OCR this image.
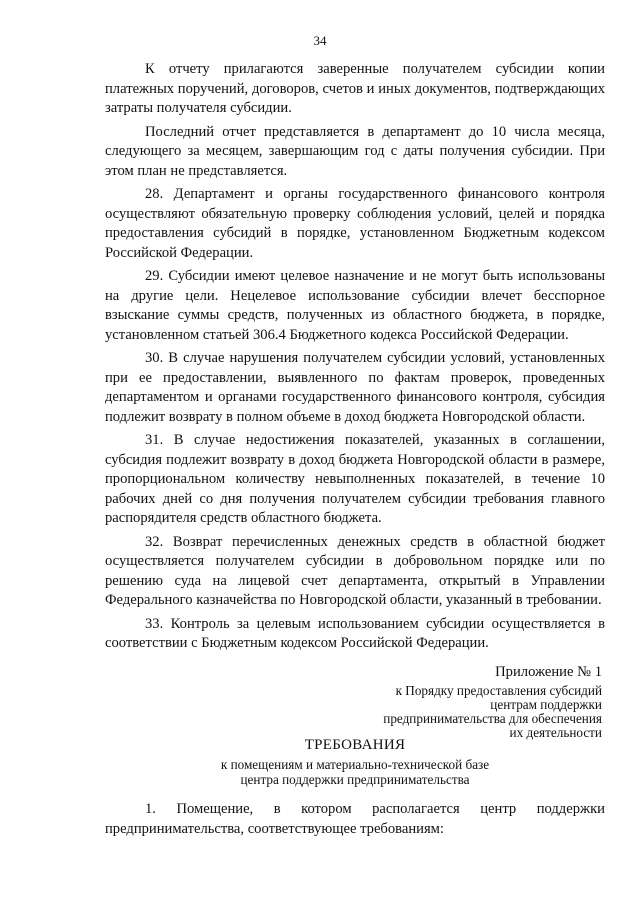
34

К отчету прилагаются заверенные получателем субсидии копии платежных поручений, договоров, счетов и иных документов, подтверждающих затраты получателя субсидии.

Последний отчет представляется в департамент до 10 числа месяца, следующего за месяцем, завершающим год с даты получения субсидии. При этом план не представляется.

28. Департамент и органы государственного финансового контроля осуществляют обязательную проверку соблюдения условий, целей и порядка предоставления субсидий в порядке, установленном Бюджетным кодексом Российской Федерации.

29. Субсидии имеют целевое назначение и не могут быть использованы на другие цели. Нецелевое использование субсидии влечет бесспорное взыскание суммы средств, полученных из областного бюджета, в порядке, установленном статьей 306.4 Бюджетного кодекса Российской Федерации.

30. В случае нарушения получателем субсидии условий, установленных при ее предоставлении, выявленного по фактам проверок, проведенных департаментом и органами государственного финансового контроля, субсидия подлежит возврату в полном объеме в доход бюджета Новгородской области.

31. В случае недостижения показателей, указанных в соглашении, субсидия подлежит возврату в доход бюджета Новгородской области в размере, пропорциональном количеству невыполненных показателей, в течение 10 рабочих дней со дня получения получателем субсидии требования главного распорядителя средств областного бюджета.

32. Возврат перечисленных денежных средств в областной бюджет осуществляется получателем субсидии в добровольном порядке или по решению суда на лицевой счет департамента, открытый в Управлении Федерального казначейства по Новгородской области, указанный в требовании.

33. Контроль за целевым использованием субсидии осуществляется в соответствии с Бюджетным кодексом Российской Федерации.

Приложение № 1
к Порядку предоставления субсидий
центрам поддержки предпринимательства для обеспечения их деятельности
ТРЕБОВАНИЯ
к помещениям и материально-технической базе
центра поддержки предпринимательства
1. Помещение, в котором располагается центр поддержки предпринимательства, соответствующее требованиям:
